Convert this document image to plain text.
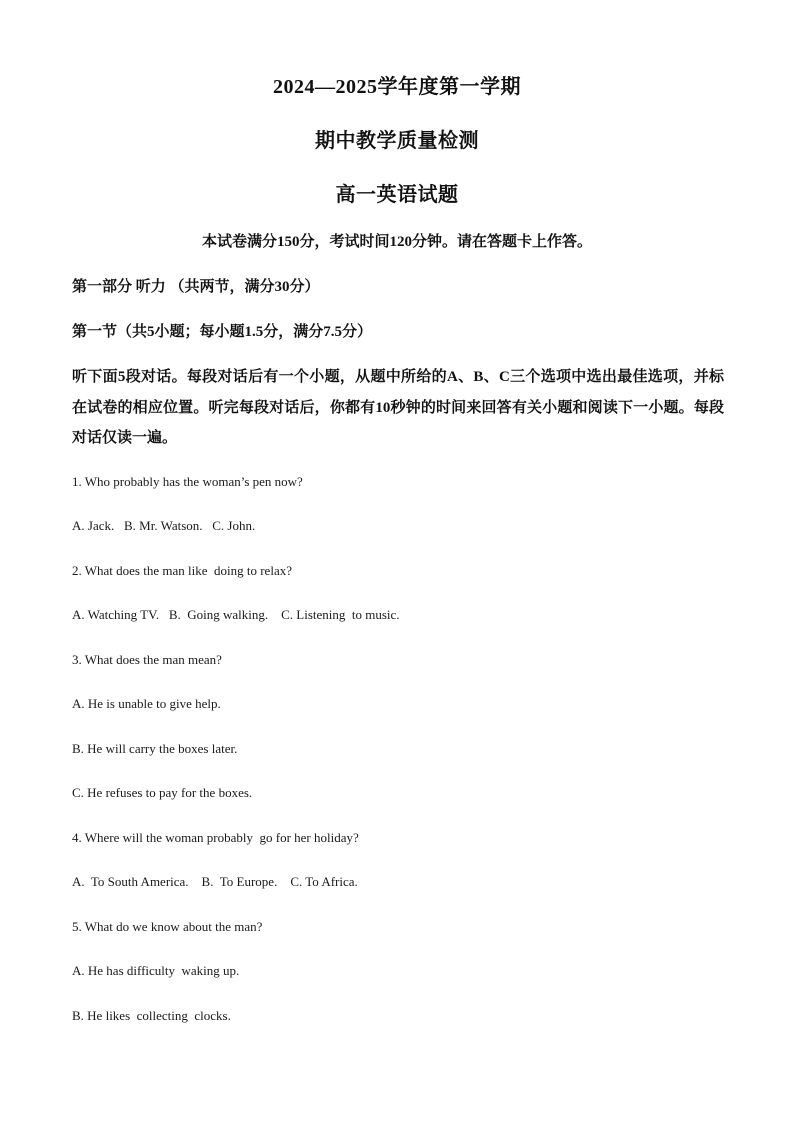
2024—2025学年度第一学期
期中教学质量检测
高一英语试题
本试卷满分150分，考试时间120分钟。请在答题卡上作答。
第一部分 听力 （共两节，满分30分）
第一节（共5小题；每小题1.5分，满分7.5分）
听下面5段对话。每段对话后有一个小题，从题中所给的A、B、C三个选项中选出最佳选项，并标在试卷的相应位置。听完每段对话后，你都有10秒钟的时间来回答有关小题和阅读下一小题。每段对话仅读一遍。
1. Who probably has the woman’s pen now?
A. Jack.   B. Mr. Watson.   C. John.
2. What does the man like  doing to relax?
A. Watching TV.   B.  Going walking.    C. Listening  to music.
3. What does the man mean?
A. He is unable to give help.
B. He will carry the boxes later.
C. He refuses to pay for the boxes.
4. Where will the woman probably  go for her holiday?
A.  To South America.    B.  To Europe.    C. To Africa.
5. What do we know about the man?
A. He has difficulty  waking up.
B. He likes  collecting  clocks.
